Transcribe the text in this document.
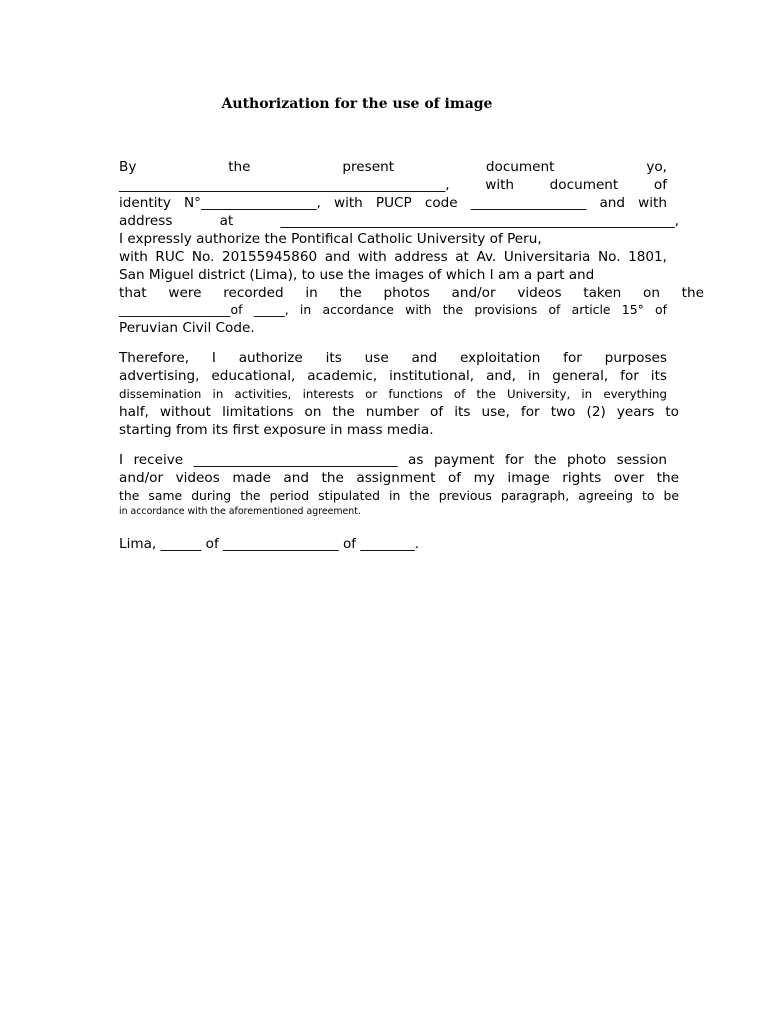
Authorization for the use of image
By the present document yo,
________________________________________________, with document of
identity N°_________________, with PUCP code _________________ and with
address at __________________________________________________________,
I expressly authorize the Pontifical Catholic University of Peru,
with RUC No. 20155945860 and with address at Av. Universitaria No. 1801,
San Miguel district (Lima), to use the images of which I am a part and
that were recorded in the photos and/or videos taken on the
__________________of _____, in accordance with the provisions of article 15° of
Peruvian Civil Code.
Therefore, I authorize its use and exploitation for purposes
advertising, educational, academic, institutional, and, in general, for its
dissemination in activities, interests or functions of the University, in everything
half, without limitations on the number of its use, for two (2) years to
starting from its first exposure in mass media.
I receive ______________________________ as payment for the photo session
and/or videos made and the assignment of my image rights over the
the same during the period stipulated in the previous paragraph, agreeing to be
in accordance with the aforementioned agreement.
Lima, ______ of _________________ of ________.
